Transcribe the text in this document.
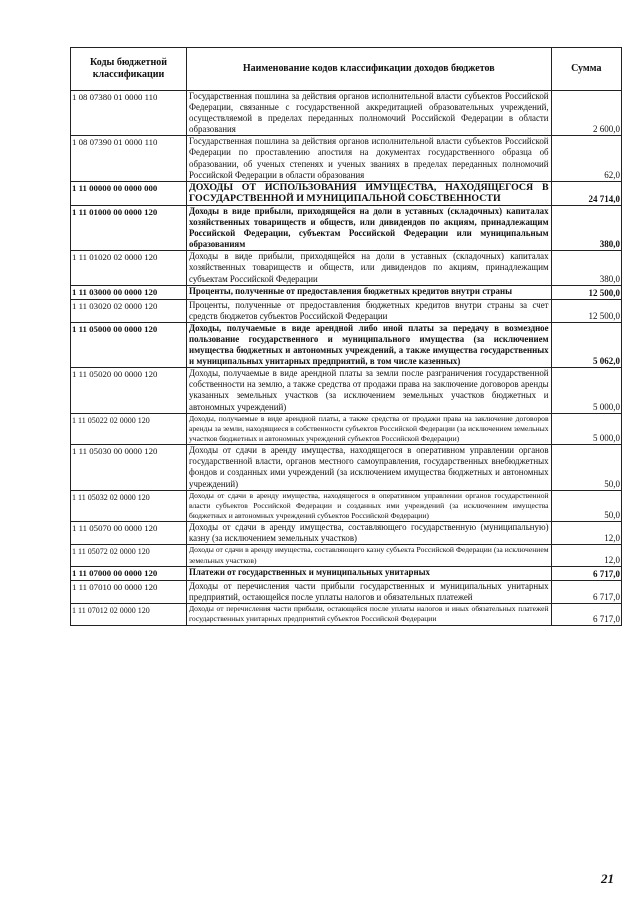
Коды бюджетной классификации	Наименование кодов классификации доходов бюджетов	Сумма
1 08 07380 01 0000 110	Государственная пошлина за действия органов исполнительной власти субъектов Российской Федерации, связанные с государственной аккредитацией образовательных учреждений, осуществляемой в пределах переданных полномочий Российской Федерации в области образования	2 600,0
1 08 07390 01 0000 110	Государственная пошлина за действия органов исполнительной власти субъектов Российской Федерации по проставлению апостиля на документах государственного образца об образовании, об ученых степенях и ученых званиях в пределах переданных полномочий Российской Федерации в области образования	62,0
1 11 00000 00 0000 000	ДОХОДЫ ОТ ИСПОЛЬЗОВАНИЯ ИМУЩЕСТВА, НАХОДЯЩЕГОСЯ В ГОСУДАРСТВЕННОЙ И МУНИЦИПАЛЬНОЙ СОБСТВЕННОСТИ	24 714,0
1 11 01000 00 0000 120	Доходы в виде прибыли, приходящейся на доли в уставных (складочных) капиталах хозяйственных товариществ и обществ, или дивидендов по акциям, принадлежащим Российской Федерации, субъектам Российской Федерации или муниципальным образованиям	380,0
1 11 01020 02 0000 120	Доходы в виде прибыли, приходящейся на доли в уставных (складочных) капиталах хозяйственных товариществ и обществ, или дивидендов по акциям, принадлежащим субъектам Российской Федерации	380,0
1 11 03000 00 0000 120	Проценты, полученные от предоставления бюджетных кредитов внутри страны	12 500,0
1 11 03020 02 0000 120	Проценты, полученные от предоставления бюджетных кредитов внутри страны за счет средств бюджетов субъектов Российской Федерации	12 500,0
1 11 05000 00 0000 120	Доходы, получаемые в виде арендной либо иной платы за передачу в возмездное пользование государственного и муниципального имущества (за исключением имущества бюджетных и автономных учреждений, а также имущества государственных и муниципальных унитарных предприятий, в том числе казенных)	5 062,0
1 11 05020 00 0000 120	Доходы, получаемые в виде арендной платы за земли после разграничения государственной собственности на землю, а также средства от продажи права на заключение договоров аренды указанных земельных участков (за исключением земельных участков бюджетных и автономных учреждений)	5 000,0
1 11 05022 02 0000 120	Доходы, получаемые в виде арендной платы, а также средства от продажи права на заключение договоров аренды за земли, находящиеся в собственности субъектов Российской Федерации (за исключением земельных участков бюджетных и автономных учреждений субъектов Российской Федерации)	5 000,0
1 11 05030 00 0000 120	Доходы от сдачи в аренду имущества, находящегося в оперативном управлении органов государственной власти, органов местного самоуправления, государственных внебюджетных фондов и созданных ими учреждений (за исключением имущества бюджетных и автономных учреждений)	50,0
1 11 05032 02 0000 120	Доходы от сдачи в аренду имущества, находящегося в оперативном управлении органов государственной власти субъектов Российской Федерации и созданных ими учреждений (за исключением имущества бюджетных и автономных учреждений субъектов Российской Федерации)	50,0
1 11 05070 00 0000 120	Доходы от сдачи в аренду имущества, составляющего государственную (муниципальную) казну (за исключением земельных участков)	12,0
1 11 05072 02 0000 120	Доходы от сдачи в аренду имущества, составляющего казну субъекта Российской Федерации (за исключением земельных участков)	12,0
1 11 07000 00 0000 120	Платежи от государственных и муниципальных унитарных	6 717,0
1 11 07010 00 0000 120	Доходы от перечисления части прибыли государственных и муниципальных унитарных предприятий, остающейся после уплаты налогов и обязательных платежей	6 717,0
1 11 07012 02 0000 120	Доходы от перечисления части прибыли, остающейся после уплаты налогов и иных обязательных платежей государственных унитарных предприятий субъектов Российской Федерации	6 717,0
21
